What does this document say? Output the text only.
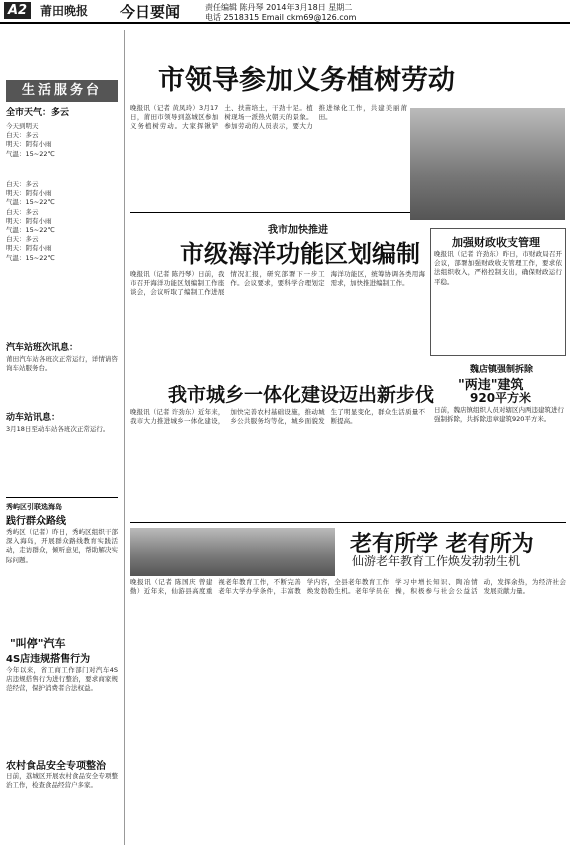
A2	莆田晚报 今日要闻	责任编辑 陈丹琴 2014年3月18日 星期二
电话 2518315 Email ckm69@126.com
生活服务台
全市天气：多云
今天到明天
白天：多云
明天：阴有小雨
气温：15~22℃
白天：多云
明天：阴有小雨
气温：15~22℃
白天：多云
明天：阴有小雨
气温：15~22℃
白天：多云
明天：阴有小雨
气温：15~22℃
汽车站班次讯息：
莆田汽车站各班次正常运行，详情请咨询车站服务台。
动车站讯息：
3月18日至动车站各班次正常运行。
秀屿区引联选海岛
践行群众路线
秀屿区（记者）昨日，秀屿区组织干部深入海岛，开展群众路线教育实践活动，走访群众，倾听意见，帮助解决实际问题。
"叫停"汽车
4S店违规搭售行为
今年以来，省工商工作部门对汽车4S店违规搭售行为进行整治，要求商家规范经营，保护消费者合法权益。
农村食品安全专项整治
日前，荔城区开展农村食品安全专项整治工作，检查食品经营户多家。
市领导参加义务植树劳动
晚报讯（记者 黄凤玲）3月17日，莆田市领导到荔城区参加义务植树劳动。大家挥锹铲土、扶苗培土，干劲十足。植树现场一派热火朝天的景象。参加劳动的人员表示，要大力推进绿化工作，共建美丽莆田。
我市加快推进
市级海洋功能区划编制
晚报讯（记者 陈丹琴）日前，我市召开海洋功能区划编制工作座谈会，会议听取了编制工作进展情况汇报，研究部署下一步工作。会议要求，要科学合理划定海洋功能区，统筹协调各类用海需求，加快推进编制工作。
加强财政收支管理
晚报讯（记者 许劲东）昨日，市财政局召开会议，部署加强财政收支管理工作，要求依法组织收入，严格控制支出，确保财政运行平稳。
魏店镇强制拆除
"两违"建筑
920平方米
日前，魏店镇组织人员对辖区内两违建筑进行强制拆除，共拆除违章建筑920平方米。
我市城乡一体化建设迈出新步伐
晚报讯（记者 许劲东）近年来，我市大力推进城乡一体化建设，加快完善农村基础设施，推动城乡公共服务均等化，城乡面貌发生了明显变化，群众生活质量不断提高。
老有所学 老有所为
仙游老年教育工作焕发勃勃生机
晚报讯（记者 陈国庆 曾建勤）近年来，仙游县高度重视老年教育工作，不断完善老年大学办学条件，丰富教学内容，全县老年教育工作焕发勃勃生机。老年学员在学习中增长知识、陶冶情操，积极参与社会公益活动，发挥余热，为经济社会发展贡献力量。
